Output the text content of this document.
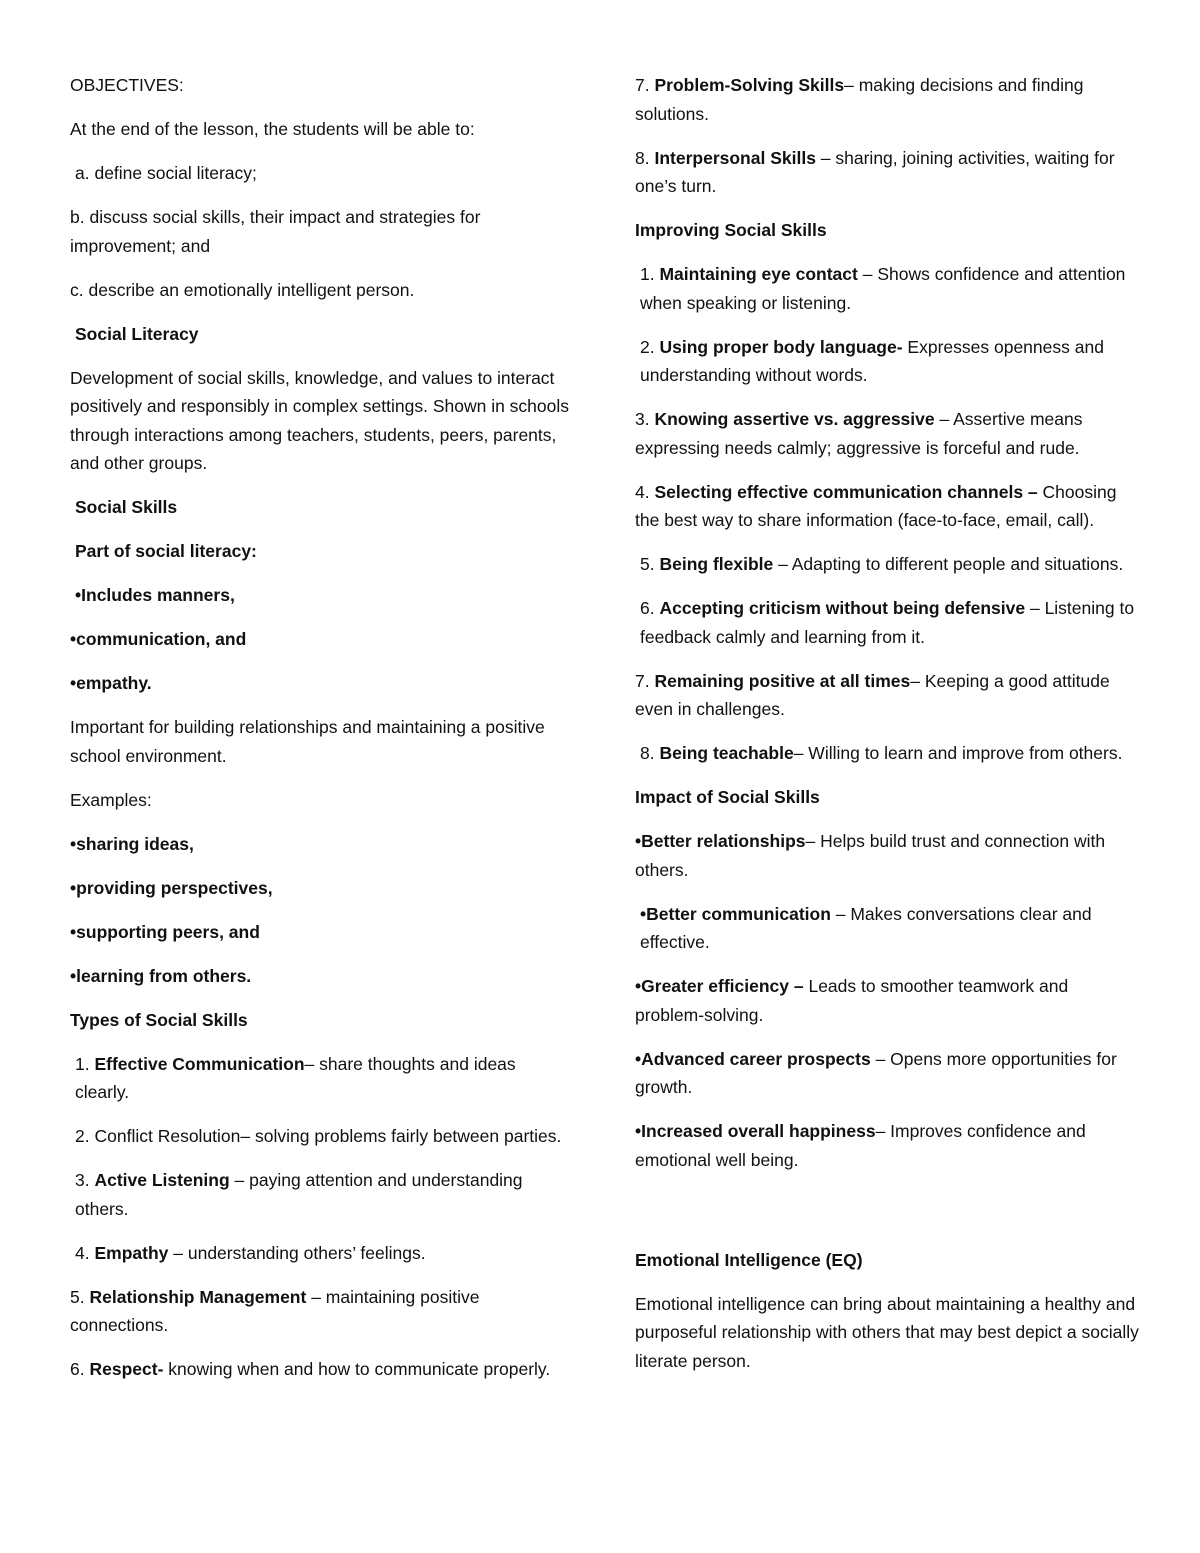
OBJECTIVES:

At the end of the lesson, the students will be able to:

a. define social literacy;

b. discuss social skills, their impact and strategies for improvement; and

c. describe an emotionally intelligent person.

Social Literacy

Development of social skills, knowledge, and values to interact positively and responsibly in complex settings. Shown in schools through interactions among teachers, students, peers, parents, and other groups.

Social Skills

Part of social literacy:

• Includes manners,

• communication, and

• empathy.

Important for building relationships and maintaining a positive school environment.

Examples:

• sharing ideas,

• providing perspectives,

• supporting peers, and

• learning from others.

Types of Social Skills

1. Effective Communication– share thoughts and ideas clearly.

2. Conflict Resolution– solving problems fairly between parties.

3. Active Listening – paying attention and understanding others.

4. Empathy – understanding others’ feelings.

5. Relationship Management – maintaining positive connections.

6. Respect- knowing when and how to communicate properly.

7. Problem-Solving Skills– making decisions and finding solutions.

8. Interpersonal Skills – sharing, joining activities, waiting for one’s turn.

Improving Social Skills

1. Maintaining eye contact – Shows confidence and attention when speaking or listening.

2. Using proper body language- Expresses openness and understanding without words.

3. Knowing assertive vs. aggressive – Assertive means expressing needs calmly; aggressive is forceful and rude.

4. Selecting effective communication channels – Choosing the best way to share information (face-to-face, email, call).

5. Being flexible – Adapting to different people and situations.

6. Accepting criticism without being defensive – Listening to feedback calmly and learning from it.

7. Remaining positive at all times– Keeping a good attitude even in challenges.

8. Being teachable– Willing to learn and improve from others.

Impact of Social Skills

• Better relationships– Helps build trust and connection with others.

• Better communication – Makes conversations clear and effective.

• Greater efficiency – Leads to smoother teamwork and problem-solving.

• Advanced career prospects – Opens more opportunities for growth.

• Increased overall happiness– Improves confidence and emotional well being.

Emotional Intelligence (EQ)

Emotional intelligence can bring about maintaining a healthy and purposeful relationship with others that may best depict a socially literate person.
